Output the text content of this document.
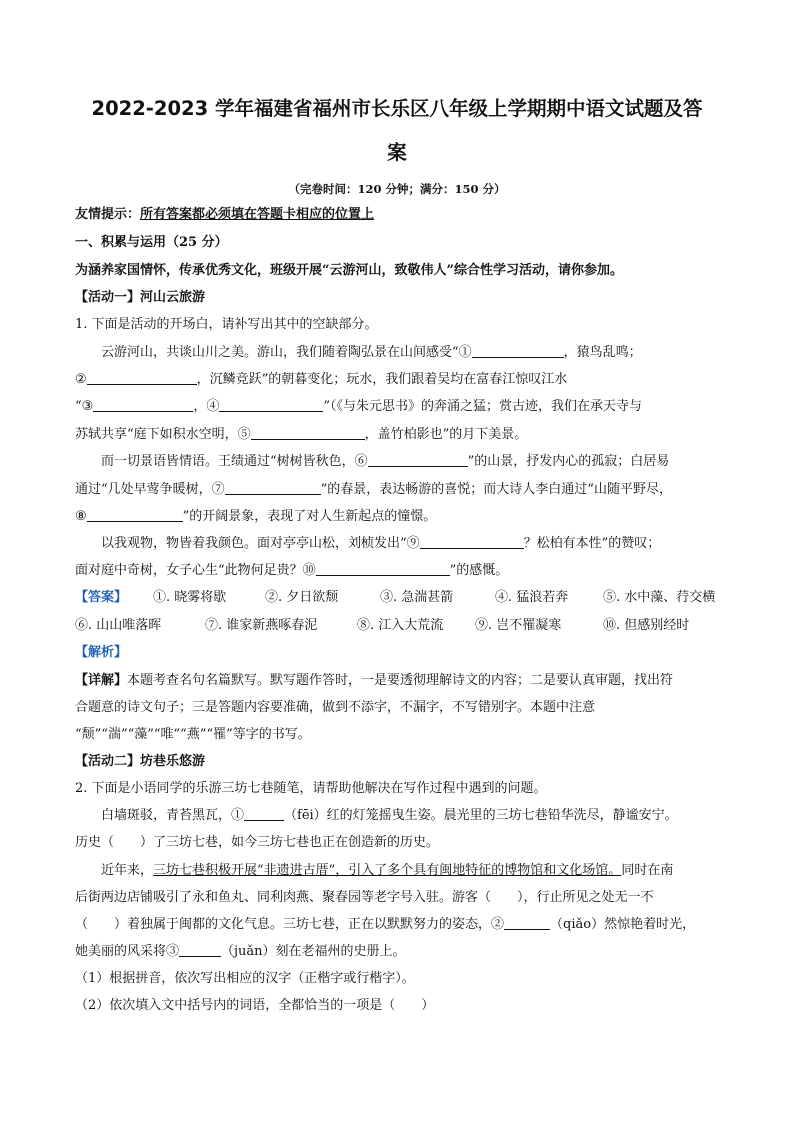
2022-2023 学年福建省福州市长乐区八年级上学期期中语文试题及答
案
（完卷时间：120 分钟；满分：150 分）
友情提示：所有答案都必须填在答题卡相应的位置上
一、积累与运用（25 分）
为涵养家国情怀，传承优秀文化，班级开展“云游河山，致敬伟人”综合性学习活动，请你参加。
【活动一】河山云旅游
1. 下面是活动的开场白，请补写出其中的空缺部分。
云游河山，共谈山川之美。游山，我们随着陶弘景在山间感受“①	，猿鸟乱鸣；
②	，沉鳞竞跃”的朝暮变化；玩水，我们跟着吴均在富春江惊叹江水
“③	，④	”（《与朱元思书》的奔涌之猛；赏古迹，我们在承天寺与
苏轼共享“庭下如积水空明，⑤	，盖竹柏影也”的月下美景。
而一切景语皆情语。王绩通过“树树皆秋色，⑥	”的山景，抒发内心的孤寂；白居易
通过“几处早莺争暖树，⑦	”的春景，表达畅游的喜悦；而大诗人李白通过“山随平野尽，
⑧	”的开阔景象，表现了对人生新起点的憧憬。
以我观物，物皆着我颜色。面对亭亭山松，刘桢发出“⑨	？松柏有本性”的赞叹；
面对庭中奇树，女子心生“此物何足贵？⑩	”的感慨。
【答案】 ①. 晓雾将歇	②. 夕日欲颓	③. 急湍甚箭	④. 猛浪若奔	⑤. 水中藻、荇交横
⑥. 山山唯落晖	⑦. 谁家新燕啄春泥	⑧. 江入大荒流 ⑨. 岂不罹凝寒	⑩. 但感别经时
【解析】
【详解】本题考查名句名篇默写。默写题作答时，一是要透彻理解诗文的内容；二是要认真审题，找出符
合题意的诗文句子；三是答题内容要准确，做到不添字，不漏字，不写错别字。本题中注意
“颓”“湍”“藻”“唯”“燕”“罹”等字的书写。
【活动二】坊巷乐悠游
2. 下面是小语同学的乐游三坊七巷随笔，请帮助他解决在写作过程中遇到的问题。
白墙斑驳，青苔黑瓦，①	（fēi）红的灯笼摇曳生姿。晨光里的三坊七巷铅华洗尽，静谧安宁。
历史（　　）了三坊七巷，如今三坊七巷也正在创造新的历史。
近年来，三坊七巷积极开展“非遗进古厝”，引入了多个具有闽地特征的博物馆和文化场馆。同时在南
后街两边店铺吸引了永和鱼丸、同利肉燕、聚春园等老字号入驻。游客（　　），行止所见之处无一不
（　　）着独属于闽都的文化气息。三坊七巷，正在以默默努力的姿态，②	（qiǎo）然惊艳着时光，
她美丽的风采将③	（juǎn）刻在老福州的史册上。
（1）根据拼音，依次写出相应的汉字（正楷字或行楷字）。
（2）依次填入文中括号内的词语，全都恰当的一项是（　　）
